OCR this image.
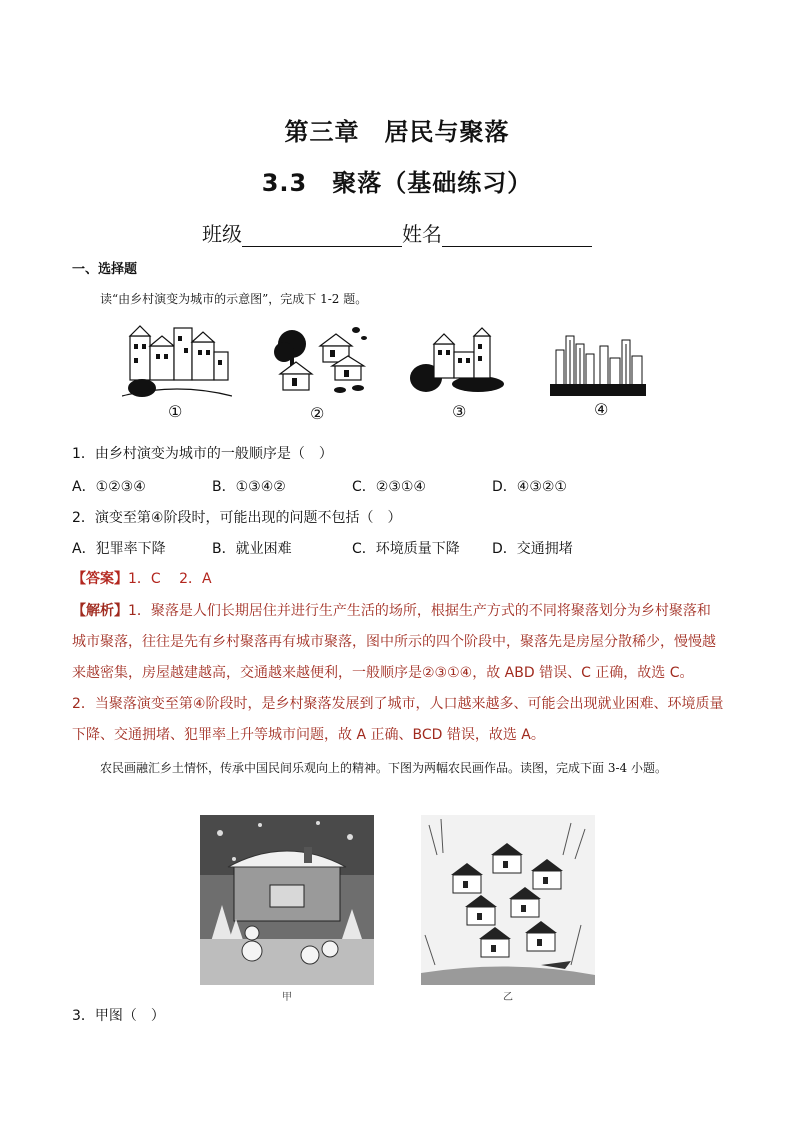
第三章　居民与聚落
3.3　聚落（基础练习）
班级	姓名
一、选择题
读“由乡村演变为城市的示意图”，完成下 1-2 题。
①	②	③	④
1．由乡村演变为城市的一般顺序是（　）
A．①②③④	B．①③④②	C．②③①④	D．④③②①
2．演变至第④阶段时，可能出现的问题不包括（　）
A．犯罪率下降	B．就业困难	C．环境质量下降 D．交通拥堵
【答案】1．C　 2．A
【解析】1．聚落是人们长期居住并进行生产生活的场所，根据生产方式的不同将聚落划分为乡村聚落和城市聚落，往往是先有乡村聚落再有城市聚落，图中所示的四个阶段中，聚落先是房屋分散稀少，慢慢越来越密集，房屋越建越高，交通越来越便利，一般顺序是②③①④，故 ABD 错误、C 正确，故选 C。
2．当聚落演变至第④阶段时，是乡村聚落发展到了城市，人口越来越多、可能会出现就业困难、环境质量下降、交通拥堵、犯罪率上升等城市问题，故 A 正确、BCD 错误，故选 A。
农民画融汇乡土情怀，传承中国民间乐观向上的精神。下图为两幅农民画作品。读图，完成下面 3-4 小题。
甲	乙
3．甲图（　）
